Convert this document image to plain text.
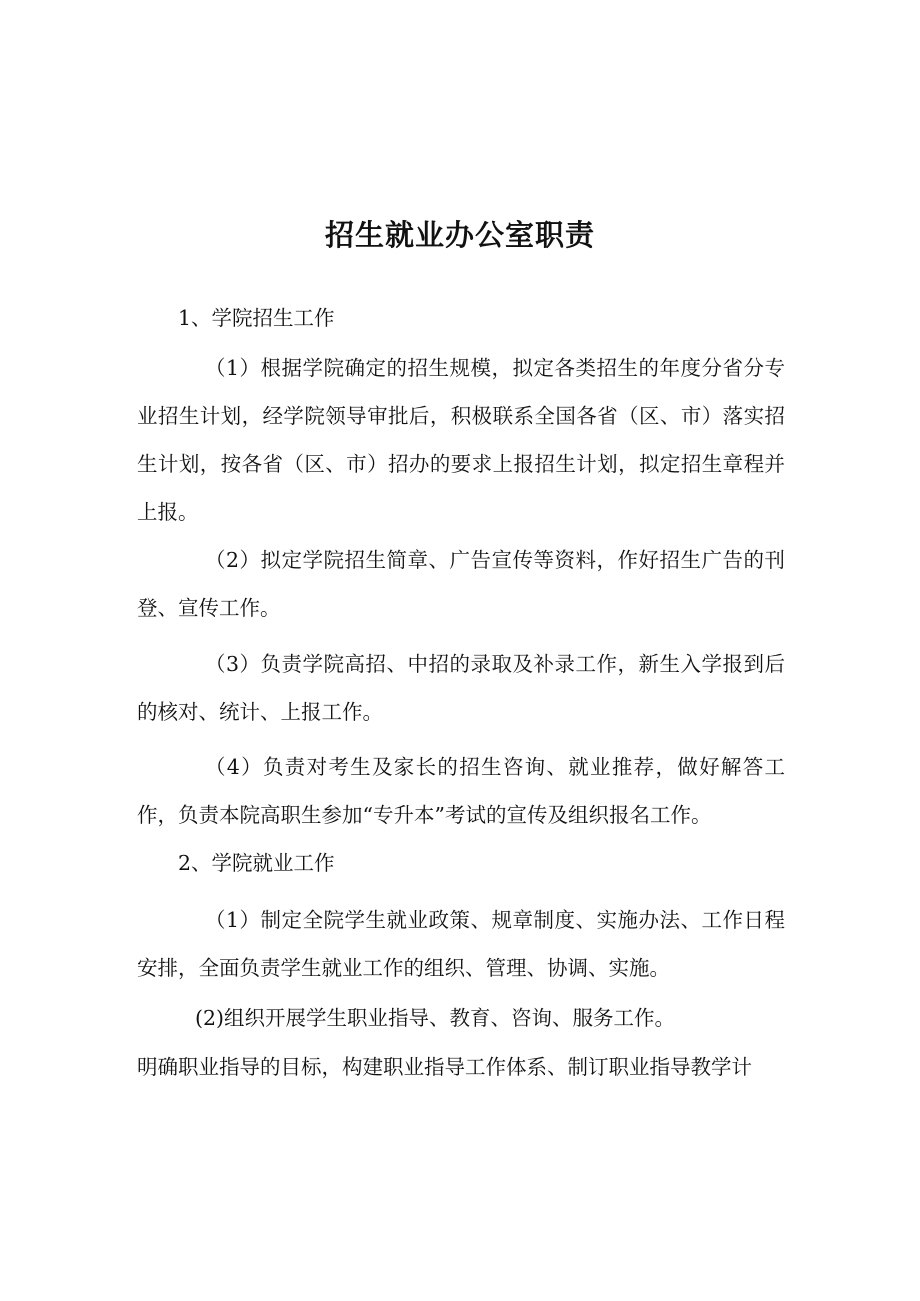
招生就业办公室职责

1、学院招生工作

（1）根据学院确定的招生规模，拟定各类招生的年度分省分专业招生计划，经学院领导审批后，积极联系全国各省（区、市）落实招生计划，按各省（区、市）招办的要求上报招生计划，拟定招生章程并上报。

（2）拟定学院招生简章、广告宣传等资料，作好招生广告的刊登、宣传工作。

（3）负责学院高招、中招的录取及补录工作，新生入学报到后的核对、统计、上报工作。

（4）负责对考生及家长的招生咨询、就业推荐，做好解答工作，负责本院高职生参加“专升本”考试的宣传及组织报名工作。

2、学院就业工作

（1）制定全院学生就业政策、规章制度、实施办法、工作日程安排，全面负责学生就业工作的组织、管理、协调、实施。

(2)组织开展学生职业指导、教育、咨询、服务工作。

明确职业指导的目标，构建职业指导工作体系、制订职业指导教学计
